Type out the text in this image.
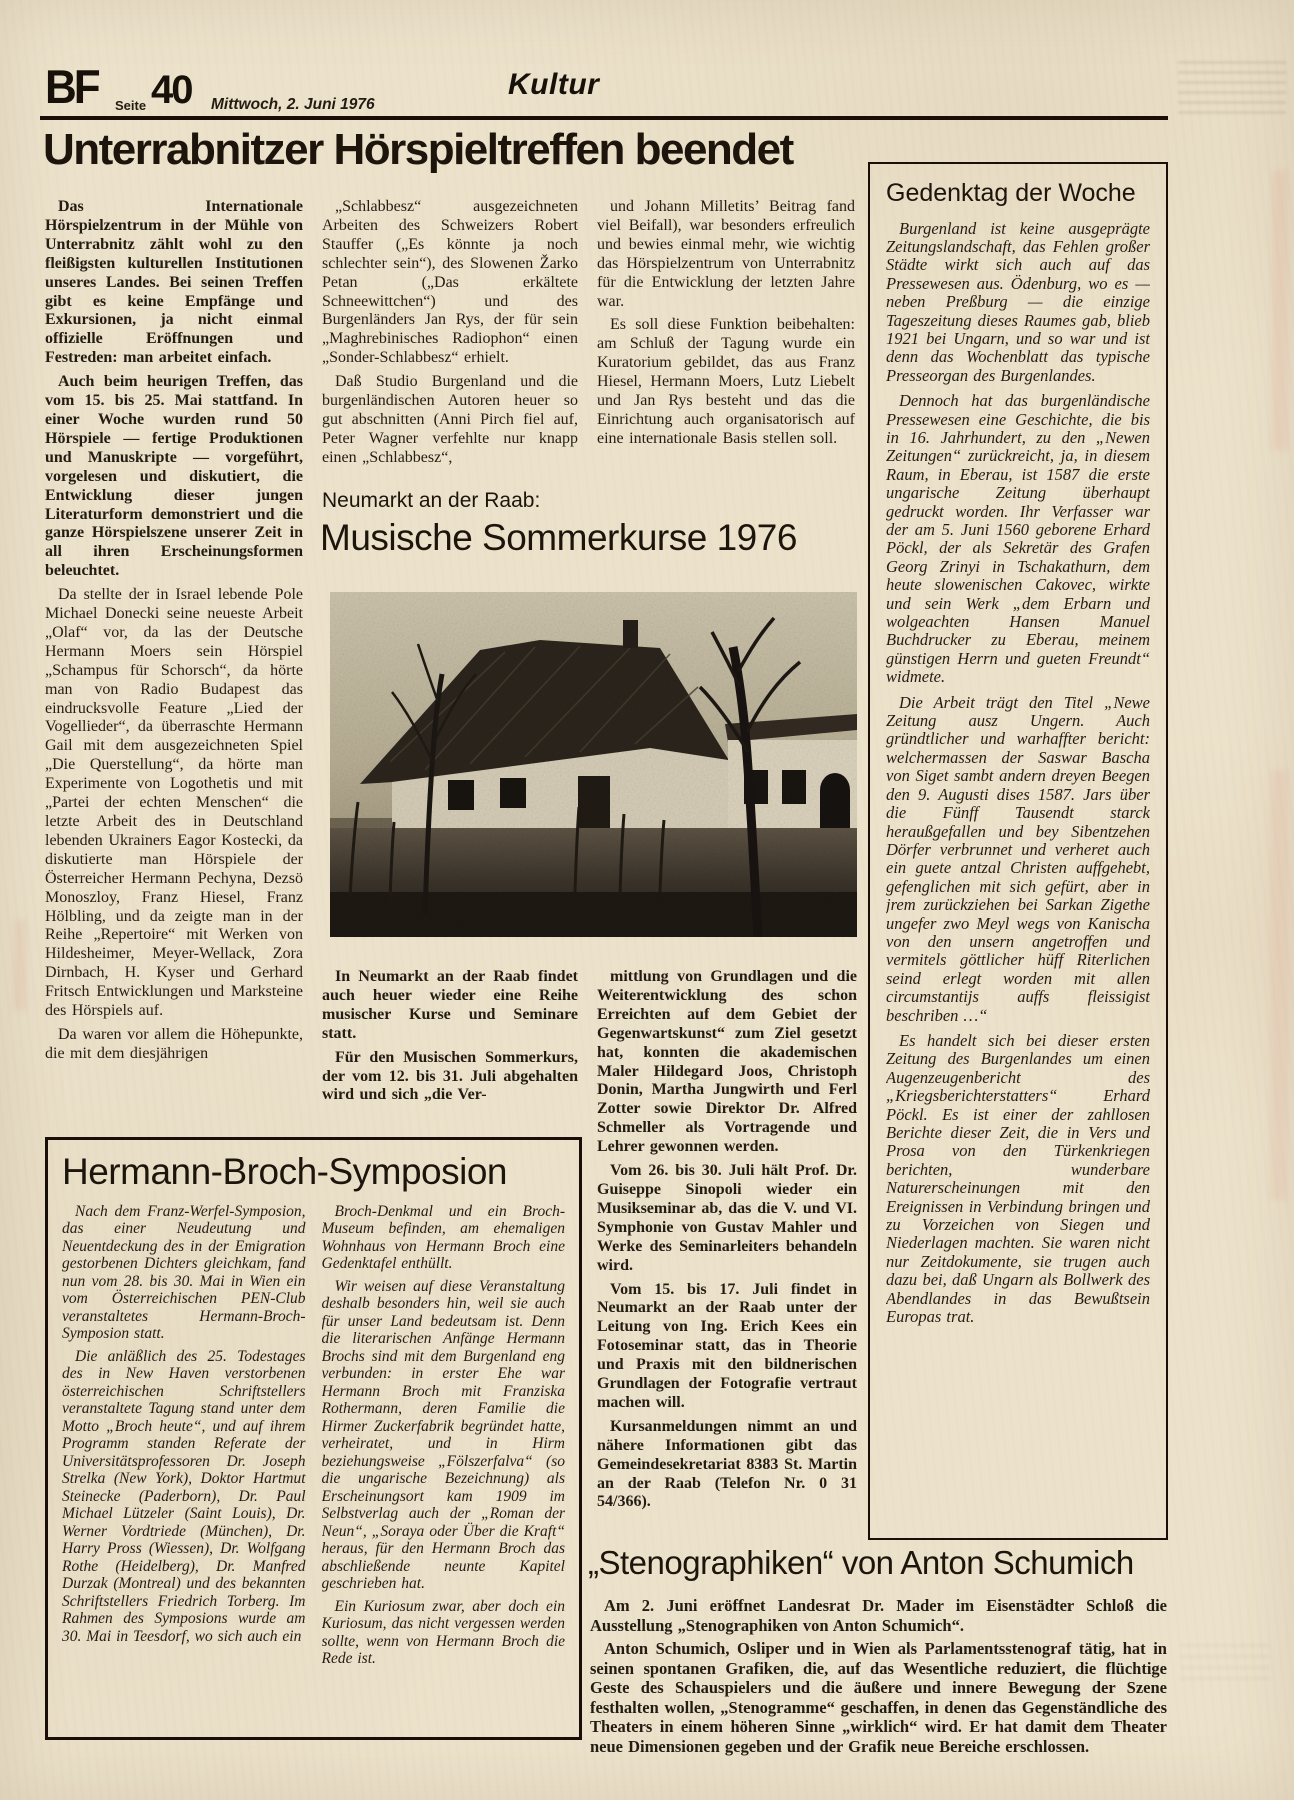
BF Seite 40 Mittwoch, 2. Juni 1976
Kultur
Unterrabnitzer Hörspieltreffen beendet

Das Internationale Hörspielzentrum in der Mühle von Unterrabnitz zählt wohl zu den fleißigsten kulturellen Institutionen unseres Landes. Bei seinen Treffen gibt es keine Empfänge und Exkursionen, ja nicht einmal offizielle Eröffnungen und Festreden: man arbeitet einfach.

Auch beim heurigen Treffen, das vom 15. bis 25. Mai stattfand. In einer Woche wurden rund 50 Hörspiele — fertige Produktionen und Manuskripte — vorgeführt, vorgelesen und diskutiert, die Entwicklung dieser jungen Literaturform demonstriert und die ganze Hörspielszene unserer Zeit in all ihren Erscheinungsformen beleuchtet.

Da stellte der in Israel lebende Pole Michael Donecki seine neueste Arbeit „Olaf“ vor, da las der Deutsche Hermann Moers sein Hörspiel „Schampus für Schorsch“, da hörte man von Radio Budapest das eindrucksvolle Feature „Lied der Vogellieder“, da überraschte Hermann Gail mit dem ausgezeichneten Spiel „Die Querstellung“, da hörte man Experimente von Logothetis und mit „Partei der echten Menschen“ die letzte Arbeit des in Deutschland lebenden Ukrainers Eagor Kostecki, da diskutierte man Hörspiele der Österreicher Hermann Pechyna, Dezsö Monoszloy, Franz Hiesel, Franz Hölbling, und da zeigte man in der Reihe „Repertoire“ mit Werken von Hildesheimer, Meyer-Wellack, Zora Dirnbach, H. Kyser und Gerhard Fritsch Entwicklungen und Marksteine des Hörspiels auf.

Da waren vor allem die Höhepunkte, die mit dem diesjährigen

„Schlabbesz“ ausgezeichneten Arbeiten des Schweizers Robert Stauffer („Es könnte ja noch schlechter sein“), des Slowenen Žarko Petan („Das erkältete Schneewittchen“) und des Burgenländers Jan Rys, der für sein „Maghrebinisches Radiophon“ einen „Sonder-Schlabbesz“ erhielt.

Daß Studio Burgenland und die burgenländischen Autoren heuer so gut abschnitten (Anni Pirch fiel auf, Peter Wagner verfehlte nur knapp einen „Schlabbesz“,

und Johann Milletits’ Beitrag fand viel Beifall), war besonders erfreulich und bewies einmal mehr, wie wichtig das Hörspielzentrum von Unterrabnitz für die Entwicklung der letzten Jahre war.

Es soll diese Funktion beibehalten: am Schluß der Tagung wurde ein Kuratorium gebildet, das aus Franz Hiesel, Hermann Moers, Lutz Liebelt und Jan Rys besteht und das die Einrichtung auch organisatorisch auf eine internationale Basis stellen soll.

Neumarkt an der Raab:
Musische Sommerkurse 1976

In Neumarkt an der Raab findet auch heuer wieder eine Reihe musischer Kurse und Seminare statt.

Für den Musischen Sommerkurs, der vom 12. bis 31. Juli abgehalten wird und sich „die Ver-

mittlung von Grundlagen und die Weiterentwicklung des schon Erreichten auf dem Gebiet der Gegenwartskunst“ zum Ziel gesetzt hat, konnten die akademischen Maler Hildegard Joos, Christoph Donin, Martha Jungwirth und Ferl Zotter sowie Direktor Dr. Alfred Schmeller als Vortragende und Lehrer gewonnen werden.

Vom 26. bis 30. Juli hält Prof. Dr. Guiseppe Sinopoli wieder ein Musikseminar ab, das die V. und VI. Symphonie von Gustav Mahler und Werke des Seminarleiters behandeln wird.

Vom 15. bis 17. Juli findet in Neumarkt an der Raab unter der Leitung von Ing. Erich Kees ein Fotoseminar statt, das in Theorie und Praxis mit den bildnerischen Grundlagen der Fotografie vertraut machen will.

Kursanmeldungen nimmt an und nähere Informationen gibt das Gemeindesekretariat 8383 St. Martin an der Raab (Telefon Nr. 0 31 54/366).

Hermann-Broch-Symposion

Nach dem Franz-Werfel-Symposion, das einer Neudeutung und Neuentdeckung des in der Emigration gestorbenen Dichters gleichkam, fand nun vom 28. bis 30. Mai in Wien ein vom Österreichischen PEN-Club veranstaltetes Hermann-Broch-Symposion statt.

Die anläßlich des 25. Todestages des in New Haven verstorbenen österreichischen Schriftstellers veranstaltete Tagung stand unter dem Motto „Broch heute“, und auf ihrem Programm standen Referate der Universitätsprofessoren Dr. Joseph Strelka (New York), Doktor Hartmut Steinecke (Paderborn), Dr. Paul Michael Lützeler (Saint Louis), Dr. Werner Vordtriede (München), Dr. Harry Pross (Wiessen), Dr. Wolfgang Rothe (Heidelberg), Dr. Manfred Durzak (Montreal) und des bekannten Schriftstellers Friedrich Torberg. Im Rahmen des Symposions wurde am 30. Mai in Teesdorf, wo sich auch ein

Broch-Denkmal und ein Broch-Museum befinden, am ehemaligen Wohnhaus von Hermann Broch eine Gedenktafel enthüllt.

Wir weisen auf diese Veranstaltung deshalb besonders hin, weil sie auch für unser Land bedeutsam ist. Denn die literarischen Anfänge Hermann Brochs sind mit dem Burgenland eng verbunden: in erster Ehe war Hermann Broch mit Franziska Rothermann, deren Familie die Hirmer Zuckerfabrik begründet hatte, verheiratet, und in Hirm beziehungsweise „Fölszerfalva“ (so die ungarische Bezeichnung) als Erscheinungsort kam 1909 im Selbstverlag auch der „Roman der Neun“, „Soraya oder Über die Kraft“ heraus, für den Hermann Broch das abschließende neunte Kapitel geschrieben hat.

Ein Kuriosum zwar, aber doch ein Kuriosum, das nicht vergessen werden sollte, wenn von Hermann Broch die Rede ist.

„Stenographiken“ von Anton Schumich

Am 2. Juni eröffnet Landesrat Dr. Mader im Eisenstädter Schloß die Ausstellung „Stenographiken von Anton Schumich“.

Anton Schumich, Osliper und in Wien als Parlamentsstenograf tätig, hat in seinen spontanen Grafiken, die, auf das Wesentliche reduziert, die flüchtige Geste des Schauspielers und die äußere und innere Bewegung der Szene festhalten wollen, „Stenogramme“ geschaffen, in denen das Gegenständliche des Theaters in einem höheren Sinne „wirklich“ wird. Er hat damit dem Theater neue Dimensionen gegeben und der Grafik neue Bereiche erschlossen.

Gedenktag der Woche

Burgenland ist keine ausgeprägte Zeitungslandschaft, das Fehlen großer Städte wirkt sich auch auf das Pressewesen aus. Ödenburg, wo es — neben Preßburg — die einzige Tageszeitung dieses Raumes gab, blieb 1921 bei Ungarn, und so war und ist denn das Wochenblatt das typische Presseorgan des Burgenlandes.

Dennoch hat das burgenländische Pressewesen eine Geschichte, die bis in 16. Jahrhundert, zu den „Newen Zeitungen“ zurückreicht, ja, in diesem Raum, in Eberau, ist 1587 die erste ungarische Zeitung überhaupt gedruckt worden. Ihr Verfasser war der am 5. Juni 1560 geborene Erhard Pöckl, der als Sekretär des Grafen Georg Zrinyi in Tschakathurn, dem heute slowenischen Cakovec, wirkte und sein Werk „dem Erbarn und wolgeachten Hansen Manuel Buchdrucker zu Eberau, meinem günstigen Herrn und gueten Freundt“ widmete.

Die Arbeit trägt den Titel „Newe Zeitung ausz Ungern. Auch gründtlicher und warhaffter bericht: welchermassen der Saswar Bascha von Siget sambt andern dreyen Beegen den 9. Augusti dises 1587. Jars über die Fünff Tausendt starck heraußgefallen und bey Sibentzehen Dörfer verbrunnet und verheret auch ein guete antzal Christen auffgehebt, gefenglichen mit sich gefürt, aber in jrem zurückziehen bei Sarkan Zigethe ungefer zwo Meyl wegs von Kanischa von den unsern angetroffen und vermitels göttlicher hüff Riterlichen seind erlegt worden mit allen circumstantijs auffs fleissigist beschriben …“

Es handelt sich bei dieser ersten Zeitung des Burgenlandes um einen Augenzeugenbericht des „Kriegsberichterstatters“ Erhard Pöckl. Es ist einer der zahllosen Berichte dieser Zeit, die in Vers und Prosa von den Türkenkriegen berichten, wunderbare Naturerscheinungen mit den Ereignissen in Verbindung bringen und zu Vorzeichen von Siegen und Niederlagen machten. Sie waren nicht nur Zeitdokumente, sie trugen auch dazu bei, daß Ungarn als Bollwerk des Abendlandes in das Bewußtsein Europas trat.
